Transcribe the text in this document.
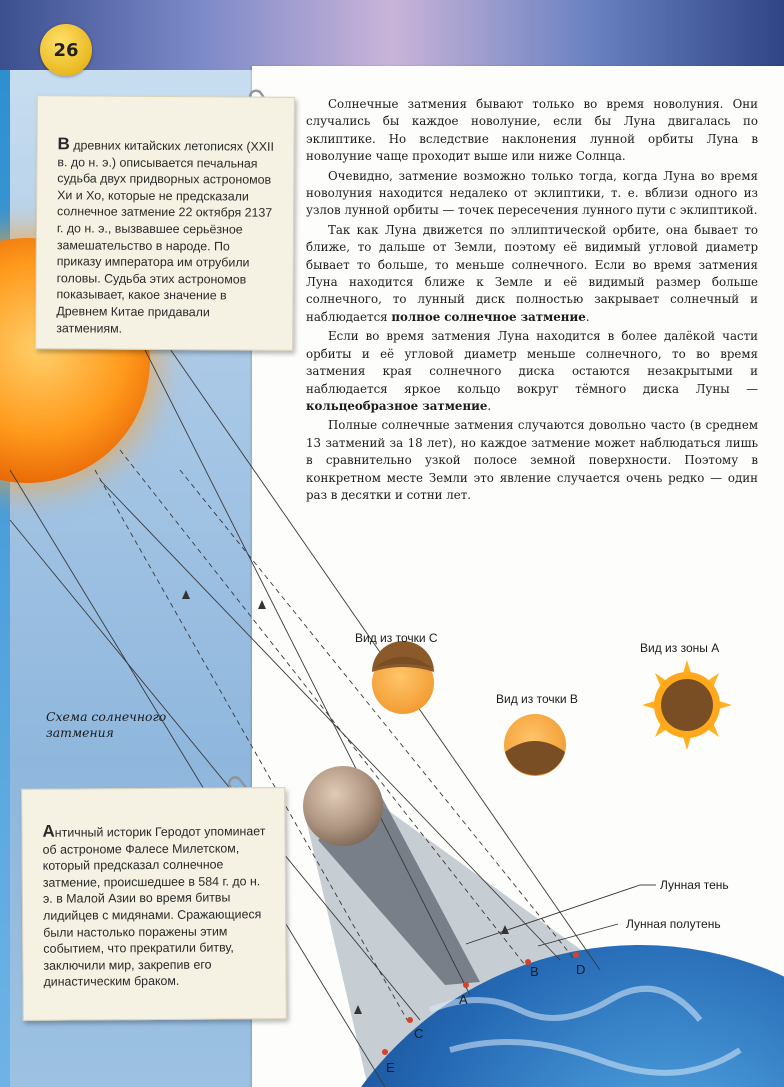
A
B	D
C
E
Вид из точки С
Вид из точки В
Вид из зоны А
Лунная тень
Лунная полутень
26
В древних китайских летописях (XXII в. до н. э.) описывается печальная судьба двух придворных астрономов Хи и Хо, которые не предсказали солнечное затмение 22 октября 2137 г. до н. э., вызвавшее серьёзное замешательство в народе. По приказу императора им отрубили головы. Судьба этих астрономов показывает, какое значение в Древнем Китае придавали затмениям.
Античный историк Геродот упоминает об астрономе Фалесе Милетском, который предсказал солнечное затмение, происшедшее в 584 г. до н. э. в Малой Азии во время битвы лидийцев с мидянами. Сражающиеся были настолько поражены этим событием, что прекратили битву, заключили мир, закрепив его династическим браком.

Солнечные затмения бывают только во время новолуния. Они случались бы каждое новолуние, если бы Луна двигалась по эклиптике. Но вследствие наклонения лунной орбиты Луна в новолуние чаще проходит выше или ниже Солнца.

Очевидно, затмение возможно только тогда, когда Луна во время новолуния находится недалеко от эклиптики, т. е. вблизи одного из узлов лунной орбиты — точек пересечения лунного пути с эклиптикой.

Так как Луна движется по эллиптической орбите, она бывает то ближе, то дальше от Земли, поэтому её видимый угловой диаметр бывает то больше, то меньше солнечного. Если во время затмения Луна находится ближе к Земле и её видимый размер больше солнечного, то лунный диск полностью закрывает солнечный и наблюдается полное солнечное затмение.

Если во время затмения Луна находится в более далёкой части орбиты и её угловой диаметр меньше солнечного, то во время затмения края солнечного диска остаются незакрытыми и наблюдается яркое кольцо вокруг тёмного диска Луны — кольцеобразное затмение.

Полные солнечные затмения случаются довольно часто (в среднем 13 затмений за 18 лет), но каждое затмение может наблюдаться лишь в сравнительно узкой полосе земной поверхности. Поэтому в конкретном месте Земли это явление случается очень редко — один раз в десятки и сотни лет.

Схема солнечного затмения
